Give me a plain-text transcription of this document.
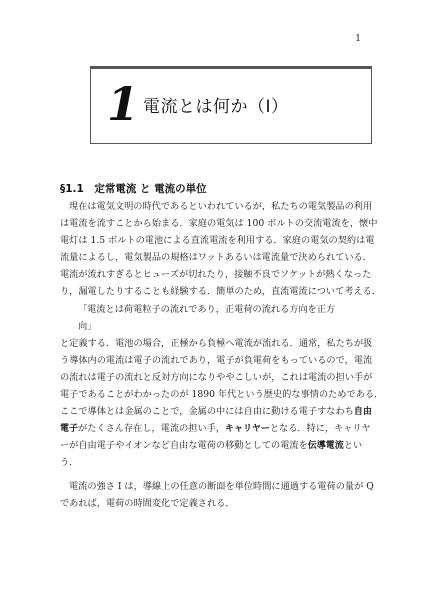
1
1 電流とは何か（I）
§1.1　定常電流 と 電流の単位
現在は電気文明の時代であるといわれているが，私たちの電気製品の利用
は電流を流すことから始まる．家庭の電気は 100 ボルトの交流電流を，懐中
電灯は 1.5 ボルトの電池による直流電流を利用する．家庭の電気の契約は電
流量によるし，電気製品の規格はワットあるいは電流量で決められている．
電流が流れすぎるとヒューズが切れたり，接触不良でソケットが熱くなった
り，漏電したりすることも経験する．簡単のため，直流電流について考える．
「電流とは荷電粒子の流れであり，正電荷の流れる方向を正方
向」
と定義する．電池の場合，正極から負極へ電流が流れる．通常，私たちが扱
う導体内の電流は電子の流れであり，電子が負電荷をもっているので，電流
の流れは電子の流れと反対方向になりややこしいが，これは電流の担い手が
電子であることがわかったのが 1890 年代という歴史的な事情のためである．
ここで導体とは金属のことで，金属の中には自由に動ける電子すなわち自由
電子がたくさん存在し，電流の担い手，キャリヤーとなる．特に，キャリヤ
ーが自由電子やイオンなど自由な電荷の移動としての電流を伝導電流とい
う．
電流の強さ I は，導線上の任意の断面を単位時間に通過する電荷の量が Q
であれば，電荷の時間変化で定義される．
